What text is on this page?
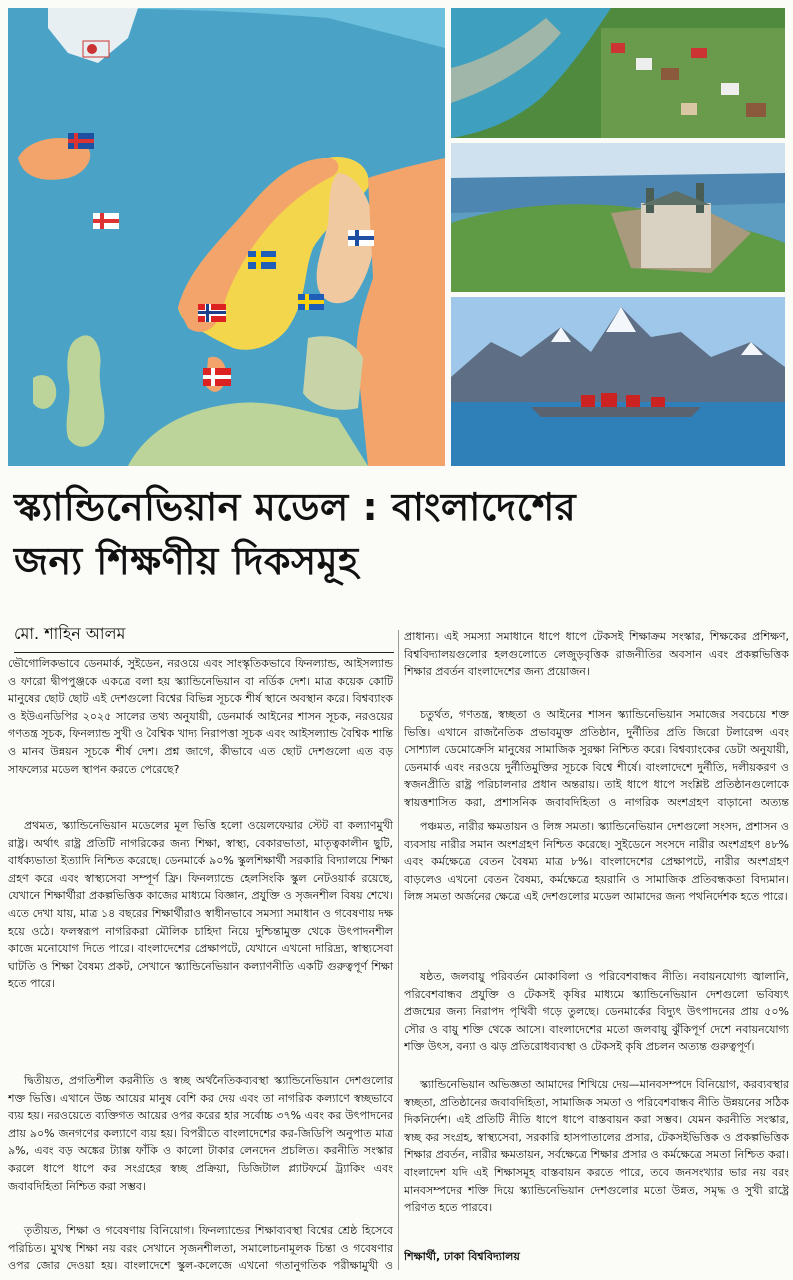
স্ক্যান্ডিনেভিয়ান মডেল : বাংলাদেশের
জন্য শিক্ষণীয় দিকসমূহ
মো. শাহিন আলম

ভৌগোলিকভাবে ডেনমার্ক, সুইডেন, নরওয়ে এবং সাংস্কৃতিকভাবে ফিনল্যান্ড, আইসল্যান্ড ও ফারো দ্বীপপুঞ্জকে একত্রে বলা হয় স্ক্যান্ডিনেভিয়ান বা নর্ডিক দেশ। মাত্র কয়েক কোটি মানুষের ছোট ছোট এই দেশগুলো বিশ্বের বিভিন্ন সূচকে শীর্ষ স্থানে অবস্থান করে। বিশ্বব্যাংক ও ইউএনডিপির ২০২৫ সালের তথ্য অনুযায়ী, ডেনমার্ক আইনের শাসন সূচক, নরওয়ের গণতন্ত্র সূচক, ফিনল্যান্ড সুখী ও বৈশ্বিক খাদ্য নিরাপত্তা সূচক এবং আইসল্যান্ড বৈশ্বিক শান্তি ও মানব উন্নয়ন সূচকে শীর্ষ দেশ। প্রশ্ন জাগে, কীভাবে এত ছোট দেশগুলো এত বড় সাফল্যের মডেল স্থাপন করতে পেরেছে?

প্রথমত, স্ক্যান্ডিনেভিয়ান মডেলের মূল ভিত্তি হলো ওয়েলফেয়ার স্টেট বা কল্যাণমুখী রাষ্ট্র। অর্থাৎ রাষ্ট্র প্রতিটি নাগরিকের জন্য শিক্ষা, স্বাস্থ্য, বেকারভাতা, মাতৃত্বকালীন ছুটি, বার্ধক্যভাতা ইত্যাদি নিশ্চিত করেছে। ডেনমার্কে ৯০% স্কুলশিক্ষার্থী সরকারি বিদ্যালয়ে শিক্ষা গ্রহণ করে এবং স্বাস্থ্যসেবা সম্পূর্ণ ফ্রি। ফিনল্যান্ডে হেলসিংকি স্কুল নেটওয়ার্ক রয়েছে, যেখানে শিক্ষার্থীরা প্রকল্পভিত্তিক কাজের মাধ্যমে বিজ্ঞান, প্রযুক্তি ও সৃজনশীল বিষয় শেখে। এতে দেখা যায়, মাত্র ১৪ বছরের শিক্ষার্থীরাও স্বাধীনভাবে সমস্যা সমাধান ও গবেষণায় দক্ষ হয়ে ওঠে। ফলস্বরূপ নাগরিকরা মৌলিক চাহিদা নিয়ে দুশ্চিন্তামুক্ত থেকে উৎপাদনশীল কাজে মনোযোগ দিতে পারে। বাংলাদেশের প্রেক্ষাপটে, যেখানে এখনো দারিদ্র্য, স্বাস্থ্যসেবা ঘাটতি ও শিক্ষা বৈষম্য প্রকট, সেখানে স্ক্যান্ডিনেভিয়ান কল্যাণনীতি একটি গুরুত্বপূর্ণ শিক্ষা হতে পারে।

দ্বিতীয়ত, প্রগতিশীল করনীতি ও স্বচ্ছ অর্থনৈতিকব্যবস্থা স্ক্যান্ডিনেভিয়ান দেশগুলোর শক্ত ভিত্তি। এখানে উচ্চ আয়ের মানুষ বেশি কর দেয় এবং তা নাগরিক কল্যাণে স্বচ্ছভাবে ব্যয় হয়। নরওয়েতে ব্যক্তিগত আয়ের ওপর করের হার সর্বোচ্চ ৩৭% এবং কর উৎপাদনের প্রায় ৯০% জনগণের কল্যাণে ব্যয় হয়। বিপরীতে বাংলাদেশের কর-জিডিপি অনুপাত মাত্র ৯%, এবং বড় অঙ্কের ট্যাক্স ফাঁকি ও কালো টাকার লেনদেন প্রচলিত। করনীতি সংস্কার করলে ধাপে ধাপে কর সংগ্রহের স্বচ্ছ প্রক্রিয়া, ডিজিটাল প্ল্যাটফর্মে ট্র্যাকিং এবং জবাবদিহিতা নিশ্চিত করা সম্ভব।

তৃতীয়ত, শিক্ষা ও গবেষণায় বিনিয়োগ। ফিনল্যান্ডের শিক্ষাব্যবস্থা বিশ্বের শ্রেষ্ঠ হিসেবে পরিচিত। মুখস্থ শিক্ষা নয় বরং সেখানে সৃজনশীলতা, সমালোচনামূলক চিন্তা ও গবেষণার ওপর জোর দেওয়া হয়। বাংলাদেশে স্কুল-কলেজে এখনো গতানুগতিক পরীক্ষামুখী ও

প্রাধান্য। এই সমস্যা সমাধানে ধাপে ধাপে টেকসই শিক্ষাক্রম সংস্কার, শিক্ষকের প্রশিক্ষণ, বিশ্ববিদ্যালয়গুলোর হলগুলোতে লেজুড়বৃত্তিক রাজনীতির অবসান এবং প্রকল্পভিত্তিক শিক্ষার প্রবর্তন বাংলাদেশের জন্য প্রয়োজন।

চতুর্থত, গণতন্ত্র, স্বচ্ছতা ও আইনের শাসন স্ক্যান্ডিনেভিয়ান সমাজের সবচেয়ে শক্ত ভিত্তি। এখানে রাজনৈতিক প্রভাবমুক্ত প্রতিষ্ঠান, দুর্নীতির প্রতি জিরো টলারেন্স এবং সোশ্যাল ডেমোক্রেসি মানুষের সামাজিক সুরক্ষা নিশ্চিত করে। বিশ্বব্যাংকের ডেটা অনুযায়ী, ডেনমার্ক এবং নরওয়ে দুর্নীতিমুক্তির সূচকে বিশ্বে শীর্ষে। বাংলাদেশে দুর্নীতি, দলীয়করণ ও স্বজনপ্রীতি রাষ্ট্র পরিচালনার প্রধান অন্তরায়। তাই ধাপে ধাপে সংশ্লিষ্ট প্রতিষ্ঠানগুলোকে স্বায়ত্তশাসিত করা, প্রশাসনিক জবাবদিহিতা ও নাগরিক অংশগ্রহণ বাড়ানো অত্যন্ত

পঞ্চমত, নারীর ক্ষমতায়ন ও লিঙ্গ সমতা। স্ক্যান্ডিনেভিয়ান দেশগুলো সংসদ, প্রশাসন ও ব্যবসায় নারীর সমান অংশগ্রহণ নিশ্চিত করেছে। সুইডেনে সংসদে নারীর অংশগ্রহণ ৪৮% এবং কর্মক্ষেত্রে বেতন বৈষম্য মাত্র ৮%। বাংলাদেশের প্রেক্ষাপটে, নারীর অংশগ্রহণ বাড়লেও এখনো বেতন বৈষম্য, কর্মক্ষেত্রে হয়রানি ও সামাজিক প্রতিবন্ধকতা বিদ্যমান। লিঙ্গ সমতা অর্জনের ক্ষেত্রে এই দেশগুলোর মডেল আমাদের জন্য পথনির্দেশক হতে পারে।

ষষ্ঠত, জলবায়ু পরিবর্তন মোকাবিলা ও পরিবেশবান্ধব নীতি। নবায়নযোগ্য জ্বালানি, পরিবেশবান্ধব প্রযুক্তি ও টেকসই কৃষির মাধ্যমে স্ক্যান্ডিনেভিয়ান দেশগুলো ভবিষ্যৎ প্রজন্মের জন্য নিরাপদ পৃথিবী গড়ে তুলছে। ডেনমার্কের বিদ্যুৎ উৎপাদনের প্রায় ৫০% সৌর ও বায়ু শক্তি থেকে আসে। বাংলাদেশের মতো জলবায়ু ঝুঁকিপূর্ণ দেশে নবায়নযোগ্য শক্তি উৎস, বন্যা ও ঝড় প্রতিরোধব্যবস্থা ও টেকসই কৃষি প্রচলন অত্যন্ত গুরুত্বপূর্ণ।

স্ক্যান্ডিনেভিয়ান অভিজ্ঞতা আমাদের শিখিয়ে দেয়—মানবসম্পদে বিনিয়োগ, করব্যবস্থার স্বচ্ছতা, প্রতিষ্ঠানের জবাবদিহিতা, সামাজিক সমতা ও পরিবেশবান্ধব নীতি উন্নয়নের সঠিক দিকনির্দেশ। এই প্রতিটি নীতি ধাপে ধাপে বাস্তবায়ন করা সম্ভব। যেমন করনীতি সংস্কার, স্বচ্ছ কর সংগ্রহ, স্বাস্থ্যসেবা, সরকারি হাসপাতালের প্রসার, টেকসইভিত্তিক ও প্রকল্পভিত্তিক শিক্ষার প্রবর্তন, নারীর ক্ষমতায়ন, সর্বক্ষেত্রে শিক্ষার প্রসার ও কর্মক্ষেত্রে সমতা নিশ্চিত করা। বাংলাদেশ যদি এই শিক্ষাসমূহ বাস্তবায়ন করতে পারে, তবে জনসংখ্যার ভার নয় বরং মানবসম্পদের শক্তি দিয়ে স্ক্যান্ডিনেভিয়ান দেশগুলোর মতো উন্নত, সমৃদ্ধ ও সুখী রাষ্ট্রে পরিণত হতে পারবে।

শিক্ষার্থী, ঢাকা বিশ্ববিদ্যালয়
